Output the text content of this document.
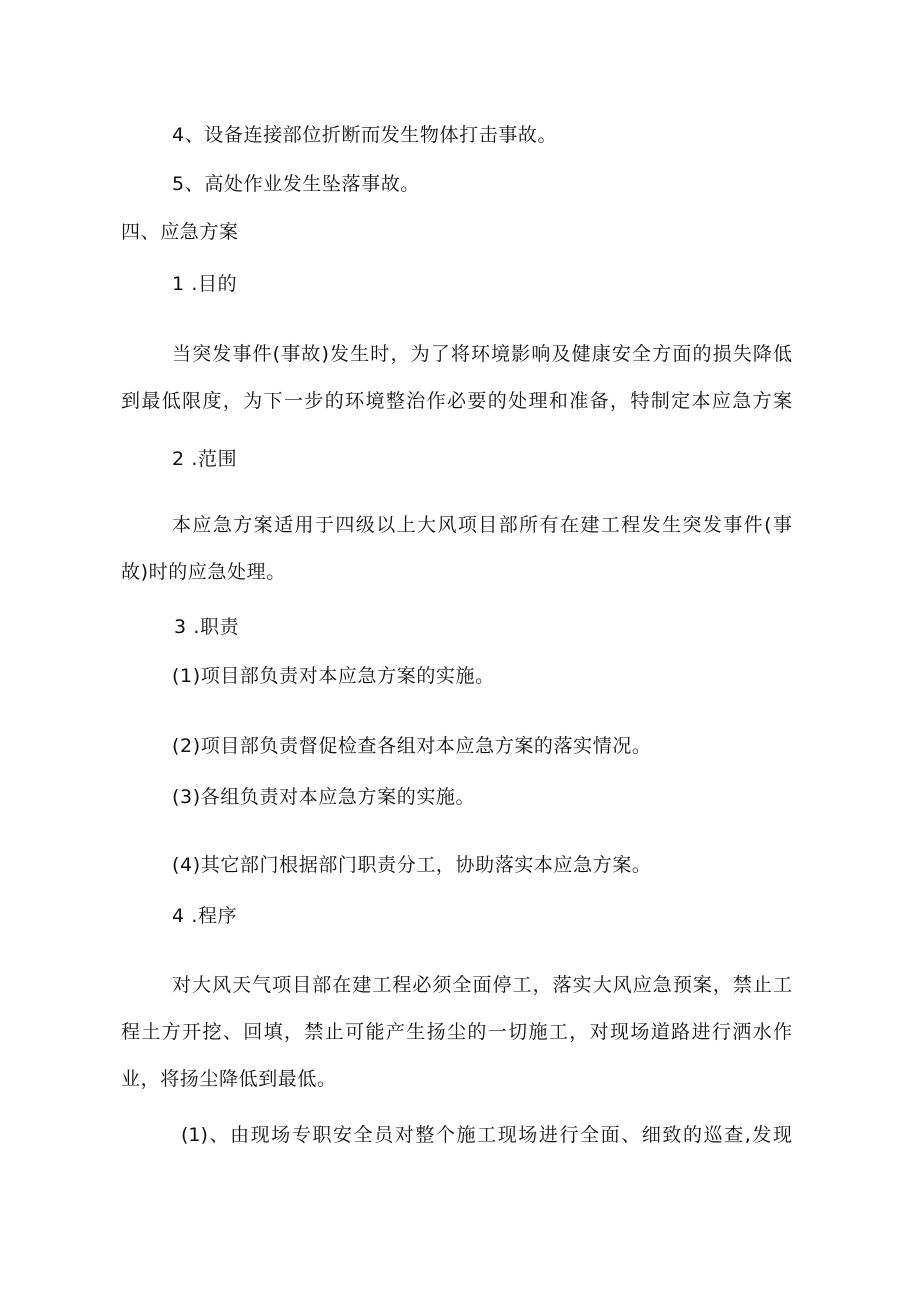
4、设备连接部位折断而发生物体打击事故。
5、高处作业发生坠落事故。
四、应急方案
1 .目的
当突发事件(事故)发生时，为了将环境影响及健康安全方面的损失降低
到最低限度，为下一步的环境整治作必要的处理和准备，特制定本应急方案
2 .范围
本应急方案适用于四级以上大风项目部所有在建工程发生突发事件(事
故)时的应急处理。
3 .职责
(1)项目部负责对本应急方案的实施。
(2)项目部负责督促检查各组对本应急方案的落实情况。
(3)各组负责对本应急方案的实施。
(4)其它部门根据部门职责分工，协助落实本应急方案。
4 .程序
对大风天气项目部在建工程必须全面停工，落实大风应急预案，禁止工
程土方开挖、回填，禁止可能产生扬尘的一切施工，对现场道路进行洒水作
业，将扬尘降低到最低。
(1)、由现场专职安全员对整个施工现场进行全面、细致的巡查,发现
